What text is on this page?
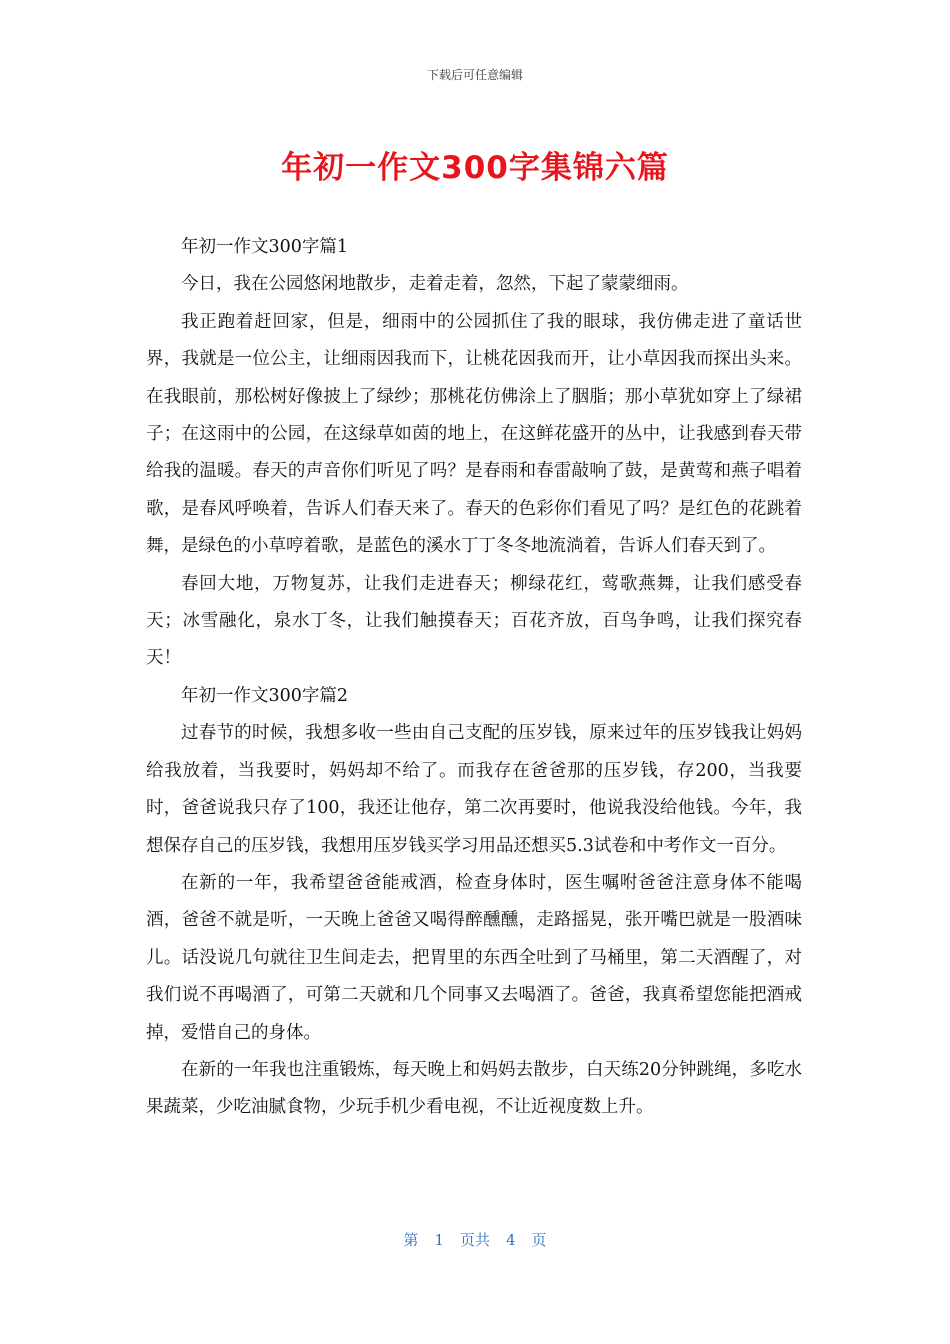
下载后可任意编辑
年初一作文300字集锦六篇

年初一作文300字篇1

今日，我在公园悠闲地散步，走着走着，忽然，下起了蒙蒙细雨。

我正跑着赶回家，但是，细雨中的公园抓住了我的眼球，我仿佛走进了童话世界，我就是一位公主，让细雨因我而下，让桃花因我而开，让小草因我而探出头来。在我眼前，那松树好像披上了绿纱；那桃花仿佛涂上了胭脂；那小草犹如穿上了绿裙子；在这雨中的公园，在这绿草如茵的地上，在这鲜花盛开的丛中，让我感到春天带给我的温暖。春天的声音你们听见了吗？是春雨和春雷敲响了鼓，是黄莺和燕子唱着歌，是春风呼唤着，告诉人们春天来了。春天的色彩你们看见了吗？是红色的花跳着舞，是绿色的小草哼着歌，是蓝色的溪水丁丁冬冬地流淌着，告诉人们春天到了。

春回大地，万物复苏，让我们走进春天；柳绿花红，莺歌燕舞，让我们感受春天；冰雪融化，泉水丁冬，让我们触摸春天；百花齐放，百鸟争鸣，让我们探究春天！

年初一作文300字篇2

过春节的时候，我想多收一些由自己支配的压岁钱，原来过年的压岁钱我让妈妈给我放着，当我要时，妈妈却不给了。而我存在爸爸那的压岁钱，存200，当我要时，爸爸说我只存了100，我还让他存，第二次再要时，他说我没给他钱。今年，我想保存自己的压岁钱，我想用压岁钱买学习用品还想买5.3试卷和中考作文一百分。

在新的一年，我希望爸爸能戒酒，检查身体时，医生嘱咐爸爸注意身体不能喝酒，爸爸不就是听，一天晚上爸爸又喝得醉醺醺，走路摇晃，张开嘴巴就是一股酒味儿。话没说几句就往卫生间走去，把胃里的东西全吐到了马桶里，第二天酒醒了，对我们说不再喝酒了，可第二天就和几个同事又去喝酒了。爸爸，我真希望您能把酒戒掉，爱惜自己的身体。

在新的一年我也注重锻炼，每天晚上和妈妈去散步，白天练20分钟跳绳，多吃水果蔬菜，少吃油腻食物，少玩手机少看电视，不让近视度数上升。

第 1 页共 4 页
